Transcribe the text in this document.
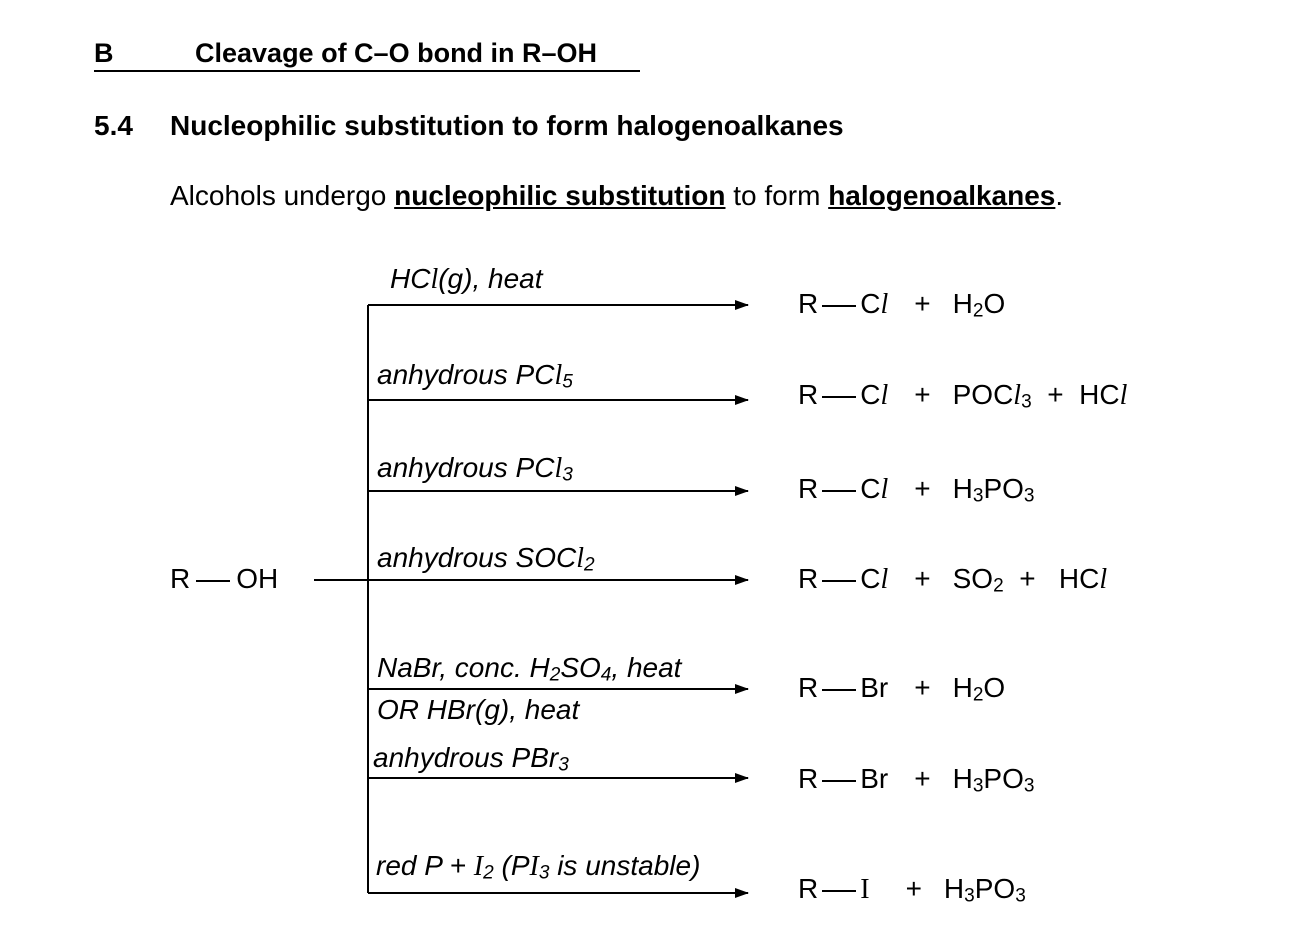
B	Cleavage of C–O bond in R–OH
5.4 Nucleophilic substitution to form halogenoalkanes
Alcohols undergo nucleophilic substitution to form halogenoalkanes.
R OH
HCl(g), heat
anhydrous PCl$_5$
anhydrous PCl$_3$
anhydrous SOCl$_2$
NaBr, conc. $H_2SO_4$, heat
OR HBr(g), heat
anhydrous PBr$_3$
red $P + I_2$ ($PI_3$ is unstable)
R $Cl + H_2O$
R Cl + POCl$_3$  +  HCl
R $Cl + H_3PO_3$
R $Cl + SO_2$  +   HCl
R $Br + H_2O$
R $Br + H_3PO_3$
R $I + H_3PO_3$
